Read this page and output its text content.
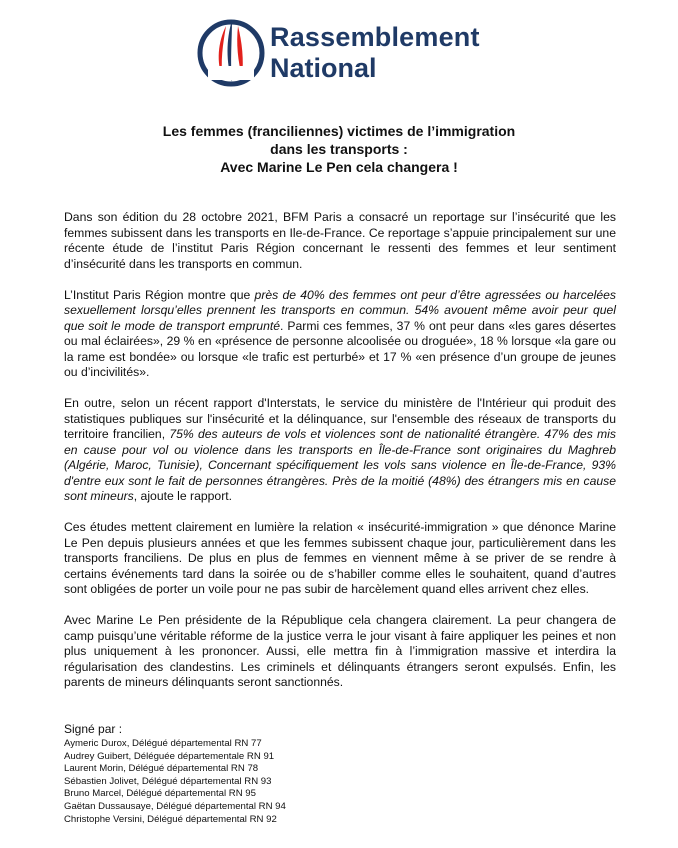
Rassemblement
National
Les femmes (franciliennes) victimes de l’immigration
dans les transports :
Avec Marine Le Pen cela changera !

Dans son édition du 28 octobre 2021, BFM Paris a consacré un reportage sur l’insécurité que les femmes subissent dans les transports en Ile-de-France. Ce reportage s’appuie principalement sur une récente étude de l’institut Paris Région concernant le ressenti des femmes et leur sentiment d’insécurité dans les transports en commun.

L’Institut Paris Région montre que près de 40% des femmes ont peur d’être agressées ou harcelées sexuellement lorsqu’elles prennent les transports en commun. 54% avouent même avoir peur quel que soit le mode de transport emprunté. Parmi ces femmes, 37 % ont peur dans «les gares désertes ou mal éclairées», 29 % en «présence de personne alcoolisée ou droguée», 18 % lorsque «la gare ou la rame est bondée» ou lorsque «le trafic est perturbé» et 17 % «en présence d’un groupe de jeunes ou d’incivilités».

En outre, selon un récent rapport d'Interstats, le service du ministère de l'Intérieur qui produit des statistiques publiques sur l'insécurité et la délinquance, sur l'ensemble des réseaux de transports du territoire francilien, 75% des auteurs de vols et violences sont de nationalité étrangère. 47% des mis en cause pour vol ou violence dans les transports en Île-de-France sont originaires du Maghreb (Algérie, Maroc, Tunisie), Concernant spécifiquement les vols sans violence en Île-de-France, 93% d'entre eux sont le fait de personnes étrangères. Près de la moitié (48%) des étrangers mis en cause sont mineurs, ajoute le rapport.

Ces études mettent clairement en lumière la relation « insécurité-immigration » que dénonce Marine Le Pen depuis plusieurs années et que les femmes subissent chaque jour, particulièrement dans les transports franciliens. De plus en plus de femmes en viennent même à se priver de se rendre à certains événements tard dans la soirée ou de s’habiller comme elles le souhaitent, quand d’autres sont obligées de porter un voile pour ne pas subir de harcèlement quand elles arrivent chez elles.

Avec Marine Le Pen présidente de la République cela changera clairement. La peur changera de camp puisqu’une véritable réforme de la justice verra le jour visant à faire appliquer les peines et non plus uniquement à les prononcer. Aussi, elle mettra fin à l’immigration massive et interdira la régularisation des clandestins. Les criminels et délinquants étrangers seront expulsés. Enfin, les parents de mineurs délinquants seront sanctionnés.

Signé par :
Aymeric Durox, Délégué départemental RN 77
Audrey Guibert, Déléguée départementale RN 91
Laurent Morin, Délégué départemental RN 78
Sébastien Jolivet, Délégué départemental RN 93
Bruno Marcel, Délégué départemental RN 95
Gaëtan Dussausaye, Délégué départemental RN 94
Christophe Versini, Délégué départemental RN 92
